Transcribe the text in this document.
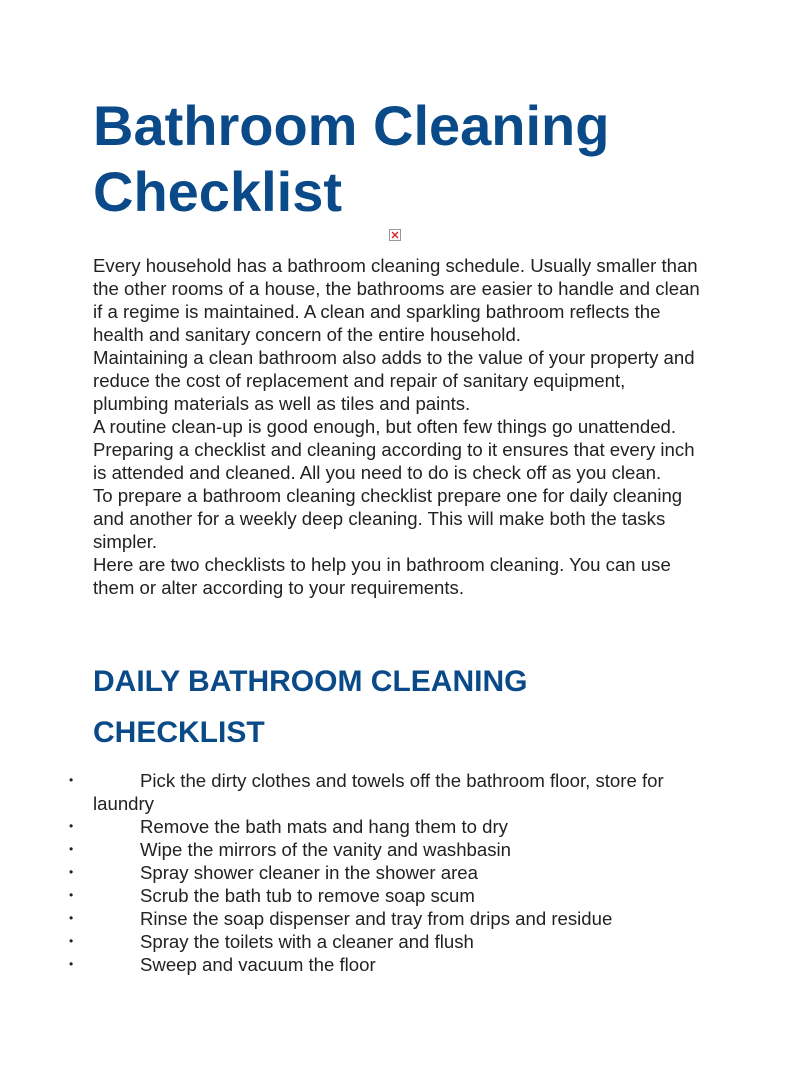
Bathroom Cleaning Checklist

Every household has a bathroom cleaning schedule. Usually smaller than the other rooms of a house, the bathrooms are easier to handle and clean if a regime is maintained. A clean and sparkling bathroom reflects the health and sanitary concern of the entire household.

Maintaining a clean bathroom also adds to the value of your property and reduce the cost of replacement and repair of sanitary equipment, plumbing materials as well as tiles and paints.

A routine clean-up is good enough, but often few things go unattended. Preparing a checklist and cleaning according to it ensures that every inch is attended and cleaned. All you need to do is check off as you clean.

To prepare a bathroom cleaning checklist prepare one for daily cleaning and another for a weekly deep cleaning. This will make both the tasks simpler.

Here are two checklists to help you in bathroom cleaning. You can use them or alter according to your requirements.

DAILY BATHROOM CLEANING CHECKLIST
•	Pick the dirty clothes and towels off the bathroom floor, store for laundry
•	Remove the bath mats and hang them to dry
•	Wipe the mirrors of the vanity and washbasin
•	Spray shower cleaner in the shower area
•	Scrub the bath tub to remove soap scum
•	Rinse the soap dispenser and tray from drips and residue
•	Spray the toilets with a cleaner and flush
•	Sweep and vacuum the floor
